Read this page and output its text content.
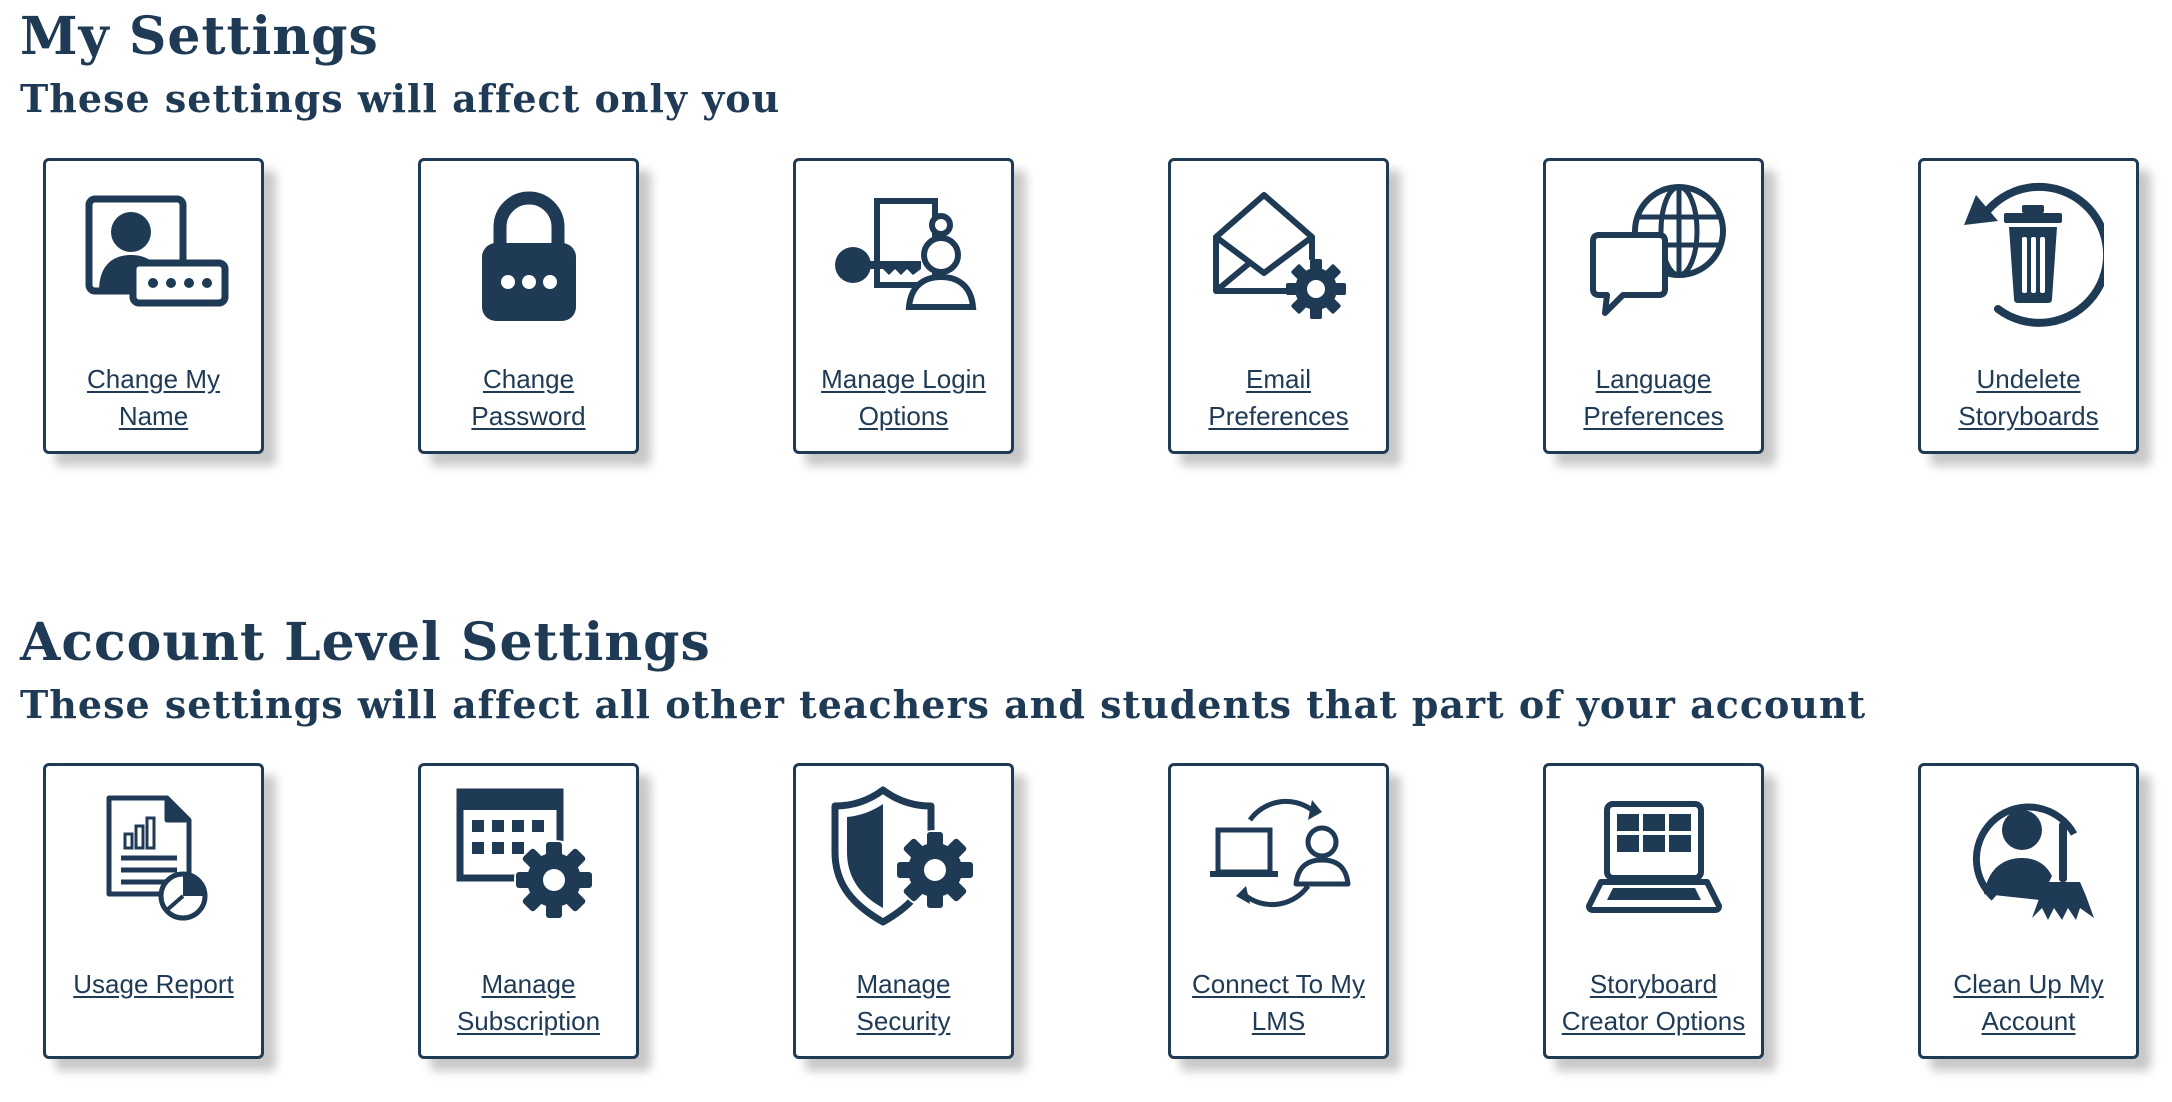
My Settings
These settings will affect only you
Change My Name
Change Password
Manage Login Options
Email Preferences
Language Preferences
Undelete Storyboards
Account Level Settings
These settings will affect all other teachers and students that part of your account
Usage Report	Manage Subscription
Manage Security
Connect To My LMS
Storyboard Creator Options
Clean Up My Account
